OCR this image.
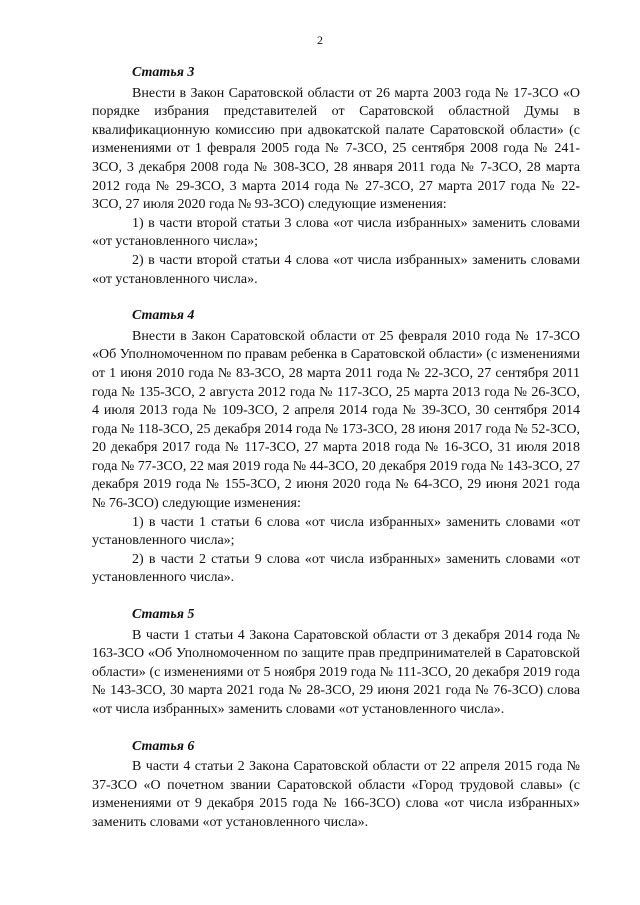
2

Статья 3

Внести в Закон Саратовской области от 26 марта 2003 года № 17-ЗСО «О порядке избрания представителей от Саратовской областной Думы в квалификационную комиссию при адвокатской палате Саратовской области» (с изменениями от 1 февраля 2005 года № 7-ЗСО, 25 сентября 2008 года № 241-ЗСО, 3 декабря 2008 года № 308-ЗСО, 28 января 2011 года № 7-ЗСО, 28 марта 2012 года № 29-ЗСО, 3 марта 2014 года № 27-ЗСО, 27 марта 2017 года № 22-ЗСО, 27 июля 2020 года № 93-ЗСО) следующие изменения:

1) в части второй статьи 3 слова «от числа избранных» заменить словами «от установленного числа»;

2) в части второй статьи 4 слова «от числа избранных» заменить словами «от установленного числа».

Статья 4

Внести в Закон Саратовской области от 25 февраля 2010 года № 17-ЗСО «Об Уполномоченном по правам ребенка в Саратовской области» (с изменениями от 1 июня 2010 года № 83-ЗСО, 28 марта 2011 года № 22-ЗСО, 27 сентября 2011 года № 135-ЗСО, 2 августа 2012 года № 117-ЗСО, 25 марта 2013 года № 26-ЗСО, 4 июля 2013 года № 109-ЗСО, 2 апреля 2014 года № 39-ЗСО, 30 сентября 2014 года № 118-ЗСО, 25 декабря 2014 года № 173-ЗСО, 28 июня 2017 года № 52-ЗСО, 20 декабря 2017 года № 117-ЗСО, 27 марта 2018 года № 16-ЗСО, 31 июля 2018 года № 77-ЗСО, 22 мая 2019 года № 44-ЗСО, 20 декабря 2019 года № 143-ЗСО, 27 декабря 2019 года № 155-ЗСО, 2 июня 2020 года № 64-ЗСО, 29 июня 2021 года № 76-ЗСО) следующие изменения:

1) в части 1 статьи 6 слова «от числа избранных» заменить словами «от установленного числа»;

2) в части 2 статьи 9 слова «от числа избранных» заменить словами «от установленного числа».

Статья 5

В части 1 статьи 4 Закона Саратовской области от 3 декабря 2014 года № 163-ЗСО «Об Уполномоченном по защите прав предпринимателей в Саратовской области» (с изменениями от 5 ноября 2019 года № 111-ЗСО, 20 декабря 2019 года № 143-ЗСО, 30 марта 2021 года № 28-ЗСО, 29 июня 2021 года № 76-ЗСО) слова «от числа избранных» заменить словами «от установленного числа».

Статья 6

В части 4 статьи 2 Закона Саратовской области от 22 апреля 2015 года № 37-ЗСО «О почетном звании Саратовской области «Город трудовой славы» (с изменениями от 9 декабря 2015 года № 166-ЗСО) слова «от числа избранных» заменить словами «от установленного числа».
